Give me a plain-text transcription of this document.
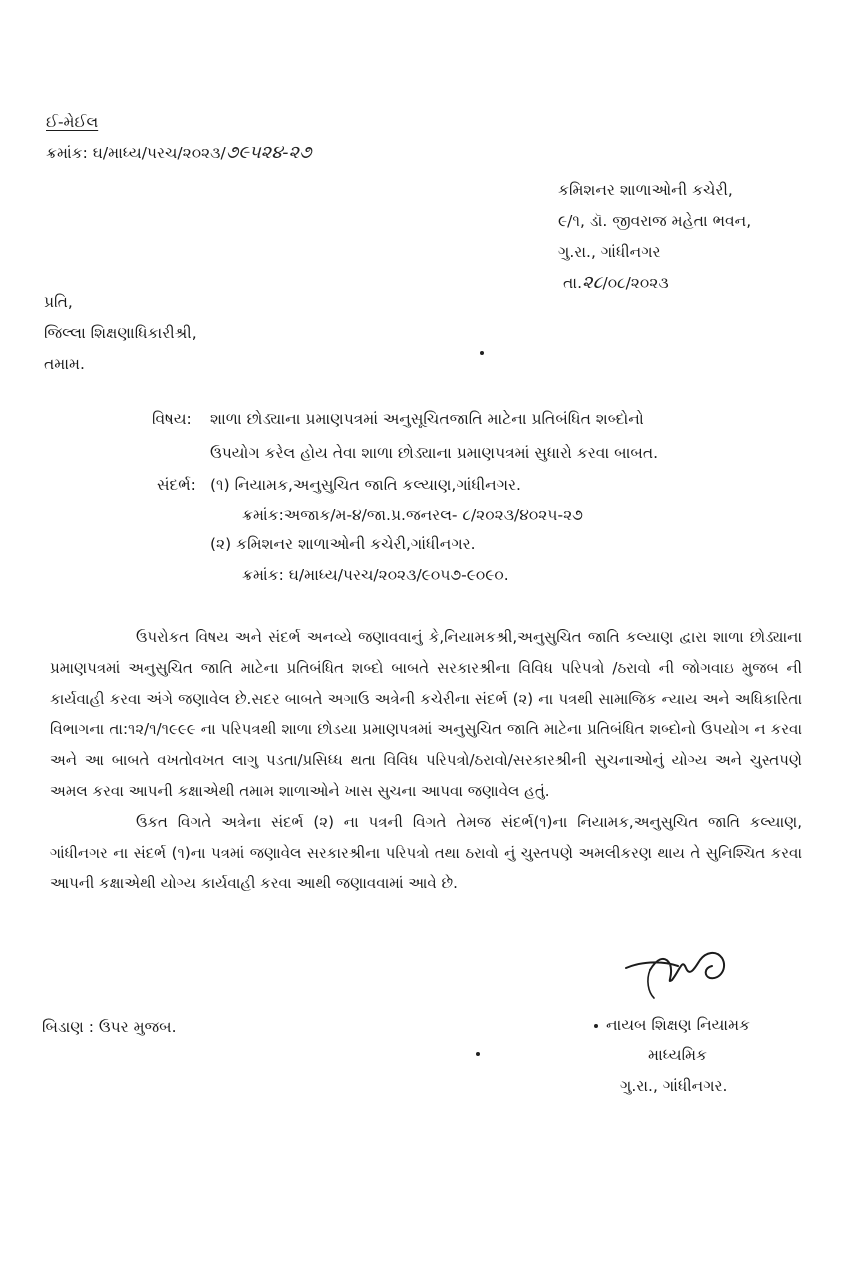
ઈ-મેઈલ
ક્રમાંક: ઘ/માધ્ય/પરચ/૨૦૨૩/૭૯૫૨૪-૨૭
કમિશનર શાળાઓની કચેરી,
૯/૧, ડૉ. જીવરાજ મહેતા ભવન,
ગુ.રા., ગાંધીનગર
તા.૨૮/૦૮/૨૦૨૩
પ્રતિ,
જિલ્લા શિક્ષણાધિકારીશ્રી,
તમામ.
વિષય: શાળા છોડ્યાના પ્રમાણપત્રમાં અનુસૂચિતજાતિ માટેના પ્રતિબંધિત શબ્દોનો
ઉપયોગ કરેલ હોય તેવા શાળા છોડ્યાના પ્રમાણપત્રમાં સુધારો કરવા બાબત.
સંદર્ભ: (૧) નિયામક,અનુસુચિત જાતિ કલ્યાણ,ગાંધીનગર.
ક્રમાંક:અજાક/મ-૪/જા.પ્ર.જનરલ- ૮/૨૦૨૩/૪૦૨૫-૨૭
(૨) કમિશનર શાળાઓની કચેરી,ગાંધીનગર.
ક્રમાંક: ઘ/માધ્ય/પરચ/૨૦૨૩/૯૦૫૭-૯૦૯૦.

ઉપરોકત વિષય અને સંદર્ભ અનવ્યે જણાવવાનું કે,નિયામકશ્રી,અનુસુચિત જાતિ કલ્યાણ દ્વારા શાળા છોડ્યાના પ્રમાણપત્રમાં અનુસુચિત જાતિ માટેના પ્રતિબંધિત શબ્દો બાબતે સરકારશ્રીના વિવિધ પરિપત્રો /ઠરાવો ની જોગવાઇ મુજબ ની કાર્યવાહી કરવા અંગે જણાવેલ છે.સદર બાબતે અગાઉ અત્રેની કચેરીના સંદર્ભ (૨) ના પત્રથી સામાજિક ન્યાય અને અધિકારિતા વિભાગના તા:૧૨/૧/૧૯૯૯ ના પરિપત્રથી શાળા છોડયા પ્રમાણપત્રમાં અનુસુચિત જાતિ માટેના પ્રતિબંધિત શબ્દોનો ઉપયોગ ન કરવા અને આ બાબતે વખતોવખત લાગુ પડતા/પ્રસિધ્ધ થતા વિવિધ પરિપત્રો/ઠરાવો/સરકારશ્રીની સુચનાઓનું યોગ્ય અને ચુસ્તપણે અમલ કરવા આપની કક્ષાએથી તમામ શાળાઓને ખાસ સુચના આપવા જણાવેલ હતું.

ઉકત વિગતે અત્રેના સંદર્ભ (૨) ના પત્રની વિગતે તેમજ સંદર્ભ(૧)ના નિયામક,અનુસુચિત જાતિ કલ્યાણ, ગાંધીનગર ના સંદર્ભ (૧)ના પત્રમાં જણાવેલ સરકારશ્રીના પરિપત્રો તથા ઠરાવો નું ચુસ્તપણે અમલીકરણ થાય તે સુનિશ્ચિત કરવા આપની કક્ષાએથી યોગ્ય કાર્યવાહી કરવા આથી જણાવવામાં આવે છે.

બિડાણ : ઉપર મુજબ.	નાયબ શિક્ષણ નિયામક
માધ્યમિક
ગુ.રા., ગાંધીનગર.
